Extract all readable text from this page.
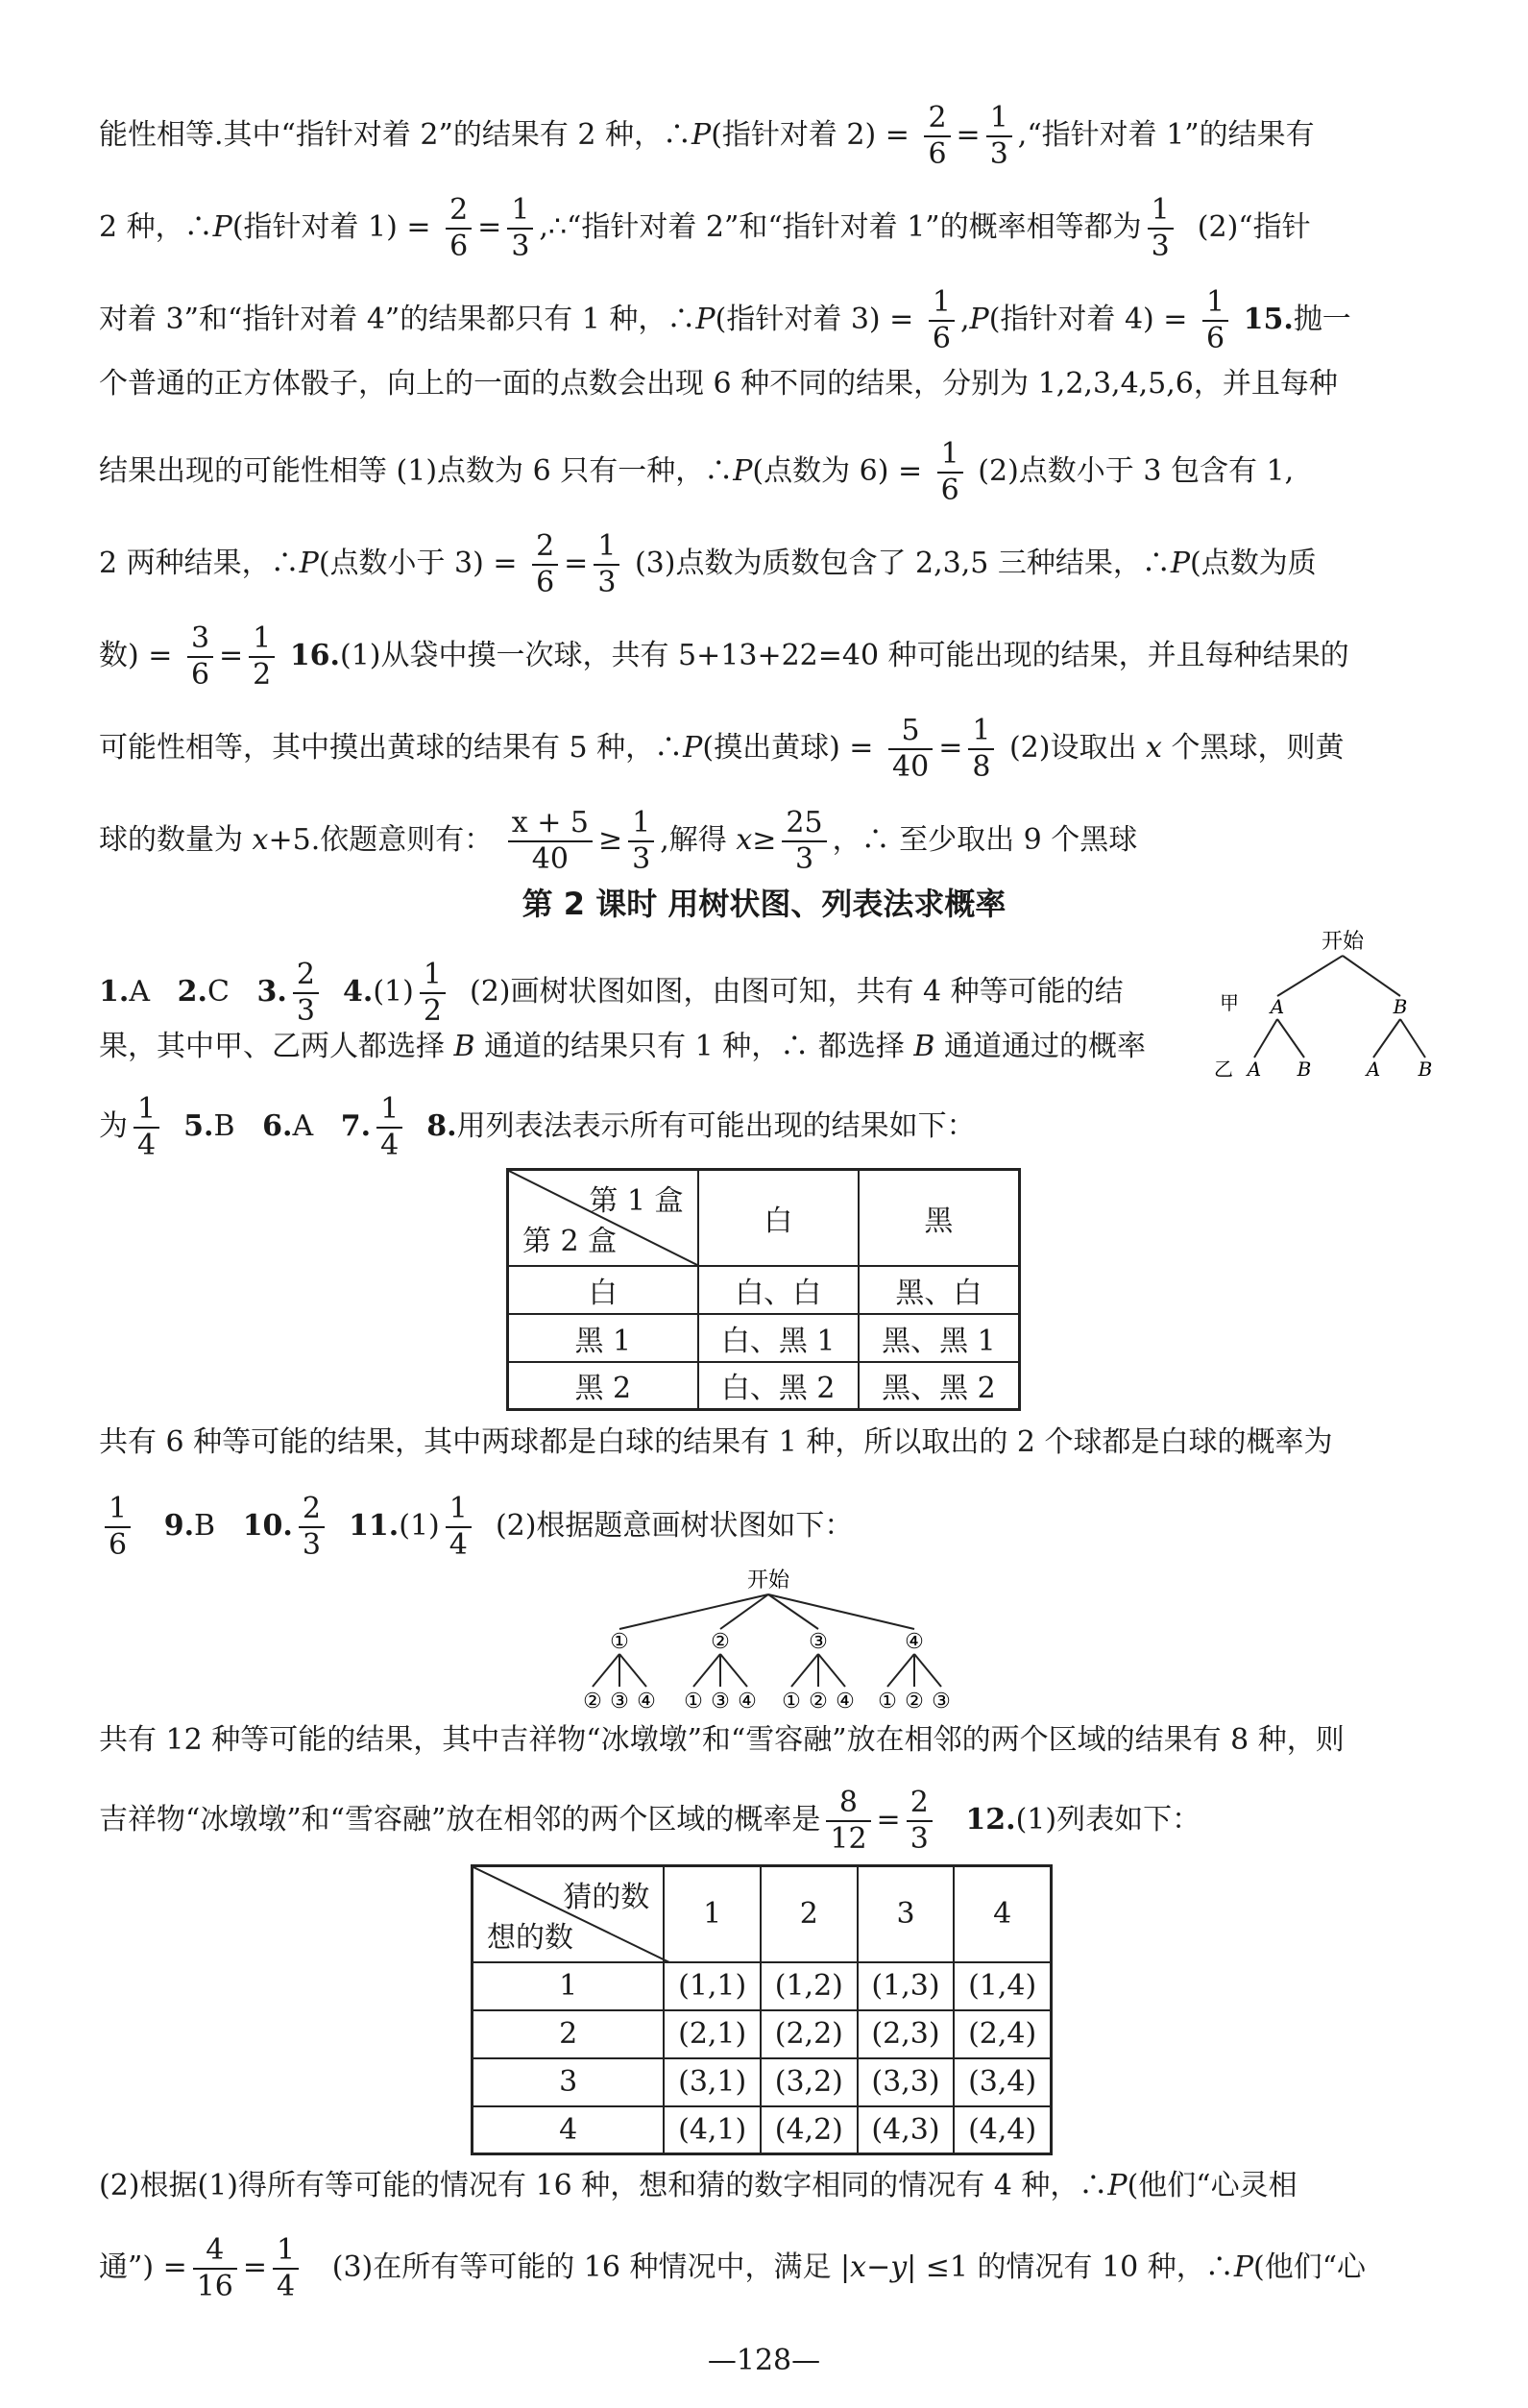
能性相等.其中“指针对着 2”的结果有 2 种，∴P(指针对着 $2) = \frac{2}{6} = \frac{1}{3}$ ,“指针对着 1”的结果有
2 种，∴P(指针对着 $1) = \frac{2}{6} = \frac{1}{3}$ ,∴“指针对着 2”和“指针对着 1”的概率相等都为 $\frac{1}{3}$ (2)“指针
对着 3”和“指针对着 4”的结果都只有 1 种，∴P(指针对着 $3) = \frac{1}{6} ,P$(指针对着 $4) = \frac{1}{6} 15$.抛一
个普通的正方体骰子，向上的一面的点数会出现 6 种不同的结果，分别为 1,2,3,4,5,6，并且每种
结果出现的可能性相等 (1)点数为 6 只有一种，∴P(点数为 $6) = \frac{1}{6} (2)$点数小于 3 包含有 1,
2 两种结果，∴P(点数小于 $3) = \frac{2}{6} = \frac{1}{3} (3)$点数为质数包含了 2,3,5 三种结果，∴P(点数为质
数) = $\frac{3}{6} = \frac{1}{2} 16.(1)$从袋中摸一次球，共有 5+13+22=40 种可能出现的结果，并且每种结果的
可能性相等，其中摸出黄球的结果有 5 种，∴P(摸出黄球) = $\frac{5}{40} = \frac{1}{8} (2)$设取出 x 个黑球，则黄
球的数量为 x+5.依题意则有： $\frac{x + 5}{40} \ge \frac{1}{3}$ ,解得 $x\ge \frac{25}{3}$ ，∴ 至少取出 9 个黑球
第 2 课时 用树状图、列表法求概率
1.A 2.C 3. $\frac{2}{3} 4.(1) \frac{1}{2} (2)$画树状图如图，由图可知，共有 4 种等可能的结
果，其中甲、乙两人都选择 B 通道的结果只有 1 种，∴ 都选择 B 通道通过的概率
为 $\frac{1}{4} 5.B$ 6.A 7. $\frac{1}{4} 8$.用列表法表示所有可能出现的结果如下：
开始
甲 A	B
乙 A B	A B
第 1 盒
第 2 盒	白	黑
白	白、白	黑、白
黑 1	白、黑 1	黑、黑 1
黑 2	白、黑 2	黑、黑 2
共有 6 种等可能的结果，其中两球都是白球的结果有 1 种，所以取出的 2 个球都是白球的概率为
$\frac{1}{6} 9.B$ 10. $\frac{2}{3} 11.(1) \frac{1}{4} (2)$根据题意画树状图如下：
开始
①
② ③ ④
②
① ③ ④
③
① ② ④
④
① ② ③
共有 12 种等可能的结果，其中吉祥物“冰墩墩”和“雪容融”放在相邻的两个区域的结果有 8 种，则
吉祥物“冰墩墩”和“雪容融”放在相邻的两个区域的概率是 $\frac{8}{12} = \frac{2}{3} 12.(1)$列表如下：
猜的数
想的数	1	2	3	4
1	(1,1)	(1,2)	(1,3)	(1,4)
2	(2,1)	(2,2)	(2,3)	(2,4)
3	(3,1)	(3,2)	(3,3)	(3,4)
4	(4,1)	(4,2)	(4,3)	(4,4)
(2)根据(1)得所有等可能的情况有 16 种，想和猜的数字相同的情况有 4 种，∴P(他们“心灵相
通”) = $\frac{4}{16} = \frac{1}{4} (3)$在所有等可能的 16 种情况中，满足 |x−y| ≤1 的情况有 10 种，∴P(他们“心
—128—
